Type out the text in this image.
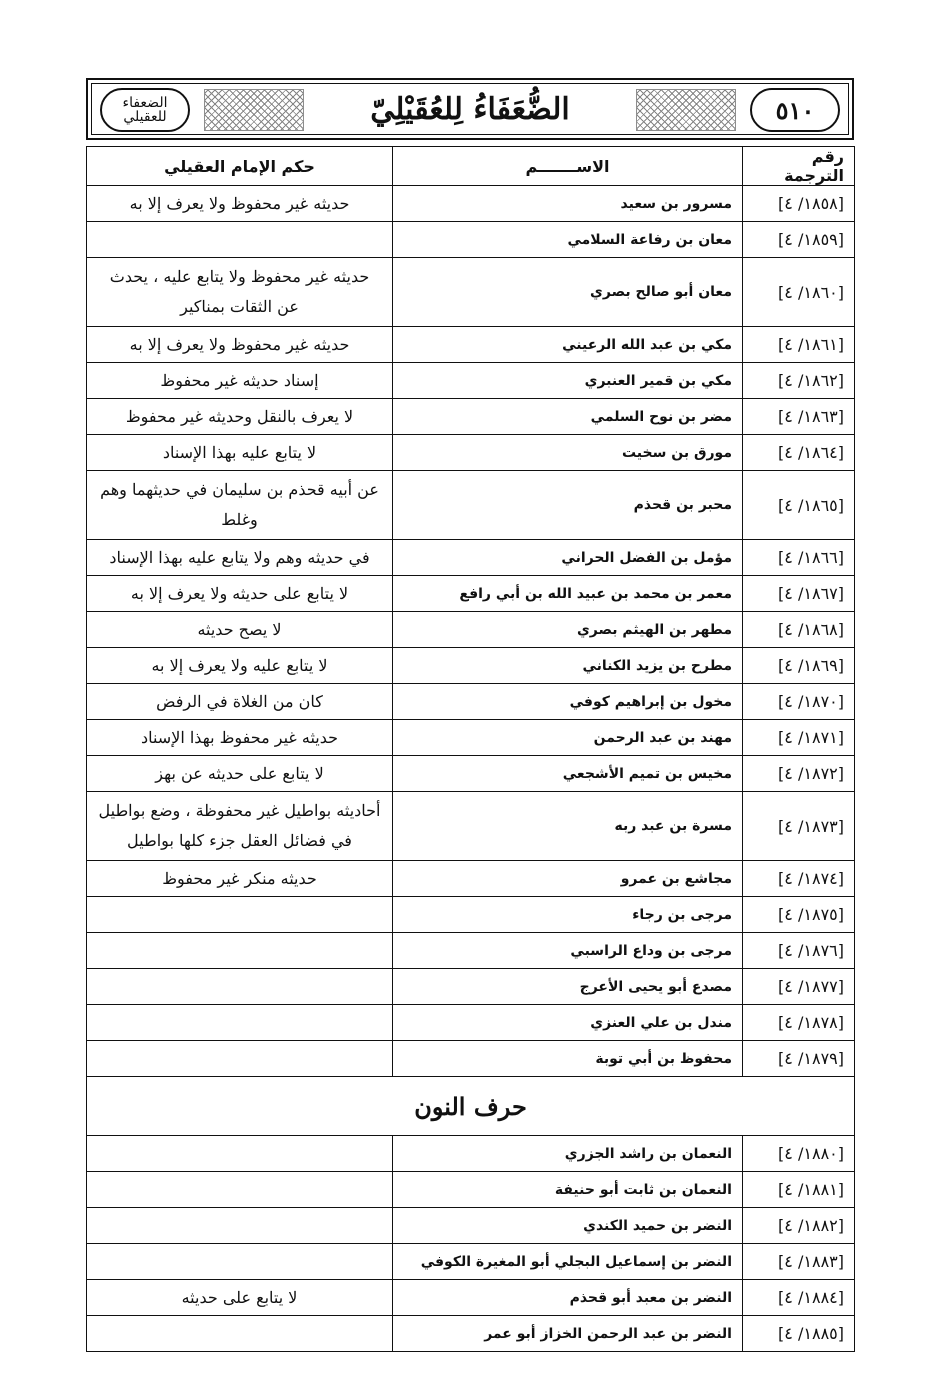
الضعفاء
للعقيلي	الضُّعَفَاءُ لِلعُقَيْلِيّ	٥١٠
رقم الترجمة	الاســـــــم	حكم الإمام العقيلي
[١٨٥٨/ ٤]	مسرور بن سعيد	حديثه غير محفوظ ولا يعرف إلا به
[١٨٥٩/ ٤]	معان بن رفاعة السلامي	
[١٨٦٠/ ٤]	معان أبو صالح بصري	حديثه غير محفوظ ولا يتابع عليه ، يحدث عن الثقات بمناكير
[١٨٦١/ ٤]	مكي بن عبد الله الرعيني	حديثه غير محفوظ ولا يعرف إلا به
[١٨٦٢/ ٤]	مكي بن قمير العنبري	إسناد حديثه غير محفوظ
[١٨٦٣/ ٤]	مضر بن نوح السلمي	لا يعرف بالنقل وحديثه غير محفوظ
[١٨٦٤/ ٤]	مورق بن سخيت	لا يتابع عليه بهذا الإسناد
[١٨٦٥/ ٤]	محبر بن قحذم	عن أبيه قحذم بن سليمان في حديثهما وهم وغلط
[١٨٦٦/ ٤]	مؤمل بن الفضل الحراني	في حديثه وهم ولا يتابع عليه بهذا الإسناد
[١٨٦٧/ ٤]	معمر بن محمد بن عبيد الله بن أبي رافع	لا يتابع على حديثه ولا يعرف إلا به
[١٨٦٨/ ٤]	مطهر بن الهيثم بصري	لا يصح حديثه
[١٨٦٩/ ٤]	مطرح بن يزيد الكناني	لا يتابع عليه ولا يعرف إلا به
[١٨٧٠/ ٤]	مخول بن إبراهيم كوفي	كان من الغلاة في الرفض
[١٨٧١/ ٤]	مهند بن عبد الرحمن	حديثه غير محفوظ بهذا الإسناد
[١٨٧٢/ ٤]	مخيس بن تميم الأشجعي	لا يتابع على حديثه عن بهز
[١٨٧٣/ ٤]	مسرة بن عبد ربه	أحاديثه بواطيل غير محفوظة ، وضع بواطيل في فضائل العقل جزء كلها بواطيل
[١٨٧٤/ ٤]	مجاشع بن عمرو	حديثه منكر غير محفوظ
[١٨٧٥/ ٤]	مرجى بن رجاء	
[١٨٧٦/ ٤]	مرجى بن وداع الراسبي	
[١٨٧٧/ ٤]	مصدع أبو يحيى الأعرج	
[١٨٧٨/ ٤]	مندل بن علي العنزي	
[١٨٧٩/ ٤]	محفوظ بن أبي توبة	
حرف النون		
[١٨٨٠/ ٤]	النعمان بن راشد الجزري	
[١٨٨١/ ٤]	النعمان بن ثابت أبو حنيفة	
[١٨٨٢/ ٤]	النضر بن حميد الكندي	
[١٨٨٣/ ٤]	النضر بن إسماعيل البجلي أبو المغيرة الكوفي	
[١٨٨٤/ ٤]	النضر بن معبد أبو قحذم	لا يتابع على حديثه
[١٨٨٥/ ٤]	النضر بن عبد الرحمن الخزاز أبو عمر	
